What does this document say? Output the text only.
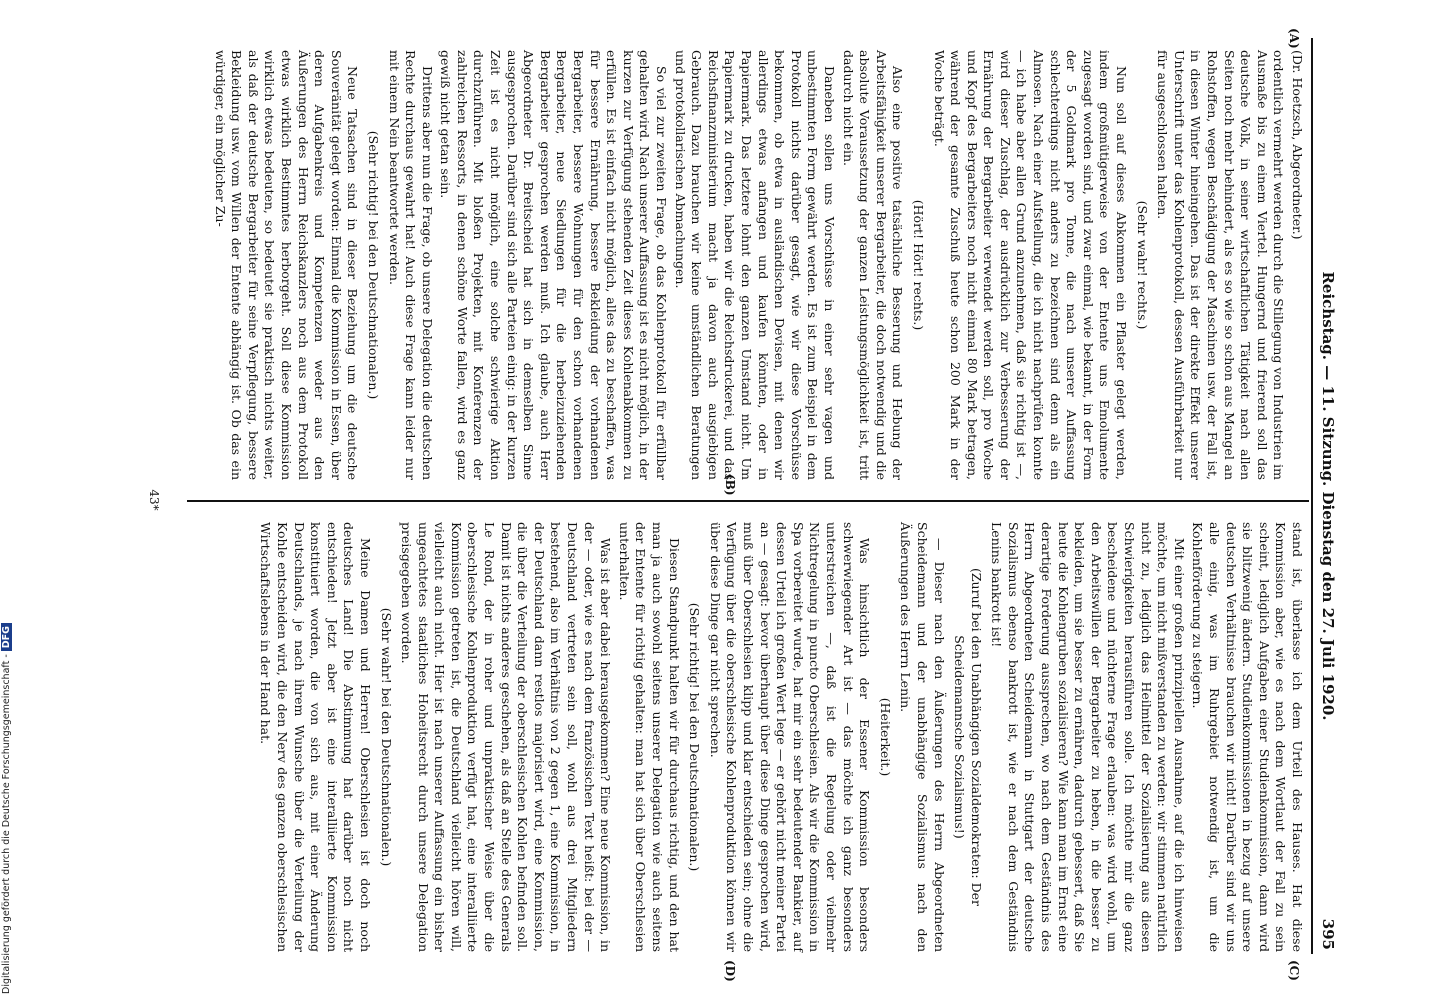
Reichstag. — 11. Sitzung. Dienstag den 27. Juli 1920.
395
(A)
(B)
(C)
(D)

(Dr. Hoetzsch, Abgeordneter.)

ordentlich vermehrt werden durch die Stillegung von Industrien im Ausmaße bis zu einem Viertel. Hungernd und frierend soll das deutsche Volk, in seiner wirtschaftlichen Tätigkeit nach allen Seiten noch mehr behindert, als es so wie so schon aus Mangel an Rohstoffen, wegen Beschädigung der Maschinen usw. der Fall ist, in diesen Winter hineingehen. Das ist der direkte Effekt unserer Unterschrift unter das Kohlenprotokoll, dessen Ausführbarkeit nur für ausgeschlossen halten.

(Sehr wahr! rechts.)

Nun soll auf dieses Abkommen ein Pflaster gelegt werden, indem großmütigerweise von der Entente uns Emolumente zugesagt worden sind, und zwar einmal, wie bekannt, in der Form der 5 Goldmark pro Tonne, die nach unserer Auffassung schlechterdings nicht anders zu bezeichnen sind denn als ein Almosen. Nach einer Aufstellung, die ich nicht nachprüfen konnte — ich habe aber allen Grund anzunehmen, daß sie richtig ist —, wird dieser Zuschlag, der ausdrücklich zur Verbesserung der Ernährung der Bergarbeiter verwendet werden soll, pro Woche und Kopf des Bergarbeiters noch nicht einmal 80 Mark betragen, während der gesamte Zuschuß heute schon 200 Mark in der Woche beträgt.

(Hört! Hört! rechts.)

Also eine positive tatsächliche Besserung und Hebung der Arbeitsfähigkeit unserer Bergarbeiter, die doch notwendig und die absolute Voraussetzung der ganzen Leistungsmöglichkeit ist, tritt dadurch nicht ein.

Daneben sollen uns Vorschüsse in einer sehr vagen und unbestimmten Form gewährt werden. Es ist zum Beispiel in dem Protokoll nichts darüber gesagt, wie wir diese Vorschüsse bekommen, ob etwa in ausländischen Devisen, mit denen wir allerdings etwas anfangen und kaufen könnten, oder in Papiermark. Das letztere lohnt den ganzen Umstand nicht. Um Papiermark zu drucken, haben wir die Reichsdruckerei, und das Reichsfinanzministerium macht ja davon auch ausgiebigen Gebrauch. Dazu brauchen wir keine umständlichen Beratungen und protokollarischen Abmachungen.

So viel zur zweiten Frage, ob das Kohlenprotokoll für erfüllbar gehalten wird. Nach unserer Auffassung ist es nicht möglich, in der kurzen zur Verfügung stehenden Zeit dieses Kohlenabkommen zu erfüllen. Es ist einfach nicht möglich, alles das zu beschaffen, was für bessere Ernährung, bessere Bekleidung der vorhandenen Bergarbeiter, bessere Wohnungen für den schon vorhandenen Bergarbeiter, neue Siedlungen für die herbeizuziehenden Bergarbeiter gesprochen werden muß. Ich glaube, auch Herr Abgeordneter Dr. Breitscheid hat sich in demselben Sinne ausgesprochen. Darüber sind sich alle Parteien einig: in der kurzen Zeit ist es nicht möglich, eine solche schwierige Aktion durchzuführen. Mit bloßen Projekten, mit Konferenzen der zahlreichen Ressorts, in denen schöne Worte fallen, wird es ganz gewiß nicht getan sein.

Drittens aber nun die Frage, ob unsere Delegation die deutschen Rechte durchaus gewahrt hat! Auch diese Frage kann leider nur mit einem Nein beantwortet werden.

(Sehr richtig! bei den Deutschnationalen.)

Neue Tatsachen sind in dieser Beziehung um die deutsche Souveränität gelegt worden: Einmal die Kommission in Essen, über deren Aufgabenkreis und Kompetenzen weder aus den Äußerungen des Herrn Reichskanzlers noch aus dem Protokoll etwas wirklich Bestimmtes herborgeht. Soll diese Kommission wirklich etwas bedeuten, so bedeutet sie praktisch nichts weiter, als daß der deutsche Bergarbeiter für seine Verpflegung, bessere Bekleidung usw. vom Willen der Entente abhängig ist. Ob das ein würdiger, ein möglicher Zu-

stand ist, überlasse ich dem Urteil des Hauses. Hat diese Kommission aber, wie es nach dem Wortlaut der Fall zu sein scheint, lediglich Aufgaben einer Studienkommission, dann wird sie blitzwenig ändern. Studienkommissionen in bezug auf unsere deutschen Verhältnisse brauchen wir nicht! Darüber sind wir uns alle einig, was im Ruhrgebiet notwendig ist, um die Kohlenförderung zu steigern.

Mit einer großen prinzipiellen Ausnahme, auf die ich hinweisen möchte, um nicht mißverstanden zu werden: wir stimmen natürlich nicht zu, lediglich das Heilmittel der Sozialisierung aus diesen Schwierigkeiten herausführen solle. Ich möchte mir die ganz bescheidene und nüchterne Frage erlauben: was wird wohl, um den Arbeitswillen der Bergarbeiter zu heben, in die besser zu bekleiden, um sie besser zu ernähren, dadurch gebessert, daß Sie heute die Kohlengruben sozialisieren? Wie kann man im Ernst eine derartige Forderung aussprechen, wo nach dem Geständnis des Herrn Abgeordneten Scheidemann in Stuttgart der deutsche Sozialismus ebenso bankrott ist, wie er nach dem Geständnis Lenins bankrott ist!

(Zuruf bei den Unabhängigen Sozialdemokraten: Der Scheidemannsche Sozialismus!)

— Dieser nach den Äußerungen des Herrn Abgeordneten Scheidemann und der unabhängige Sozialismus nach den Äußerungen des Herrn Lenin.

(Heiterkeit.)

Was hinsichtlich der Essener Kommission besonders schwerwiegender Art ist — das möchte ich ganz besonders unterstreichen —, daß ist die Regelung oder vielmehr Nichtregelung in puncto Oberschlesien. Als wir die Kommission in Spa vorbereitet wurde, hat mir ein sehr bedeutender Bankier, auf dessen Urteil ich großen Wert lege — er gehört nicht meiner Partei an — gesagt: bevor überhaupt über diese Dinge gesprochen wird, muß über Oberschlesien klipp und klar entschieden sein; ohne die Verfügung über die oberschlesische Kohlenproduktion können wir über diese Dinge gar nicht sprechen.

(Sehr richtig! bei den Deutschnationalen.)

Diesen Standpunkt halten wir für durchaus richtig, und den hat man ja auch sowohl seitens unserer Delegation wie auch seitens der Entente für richtig gehalten: man hat sich über Oberschlesien unterhalten.

Was ist aber dabei herausgekommen? Eine neue Kommission, in der — oder, wie es nach dem französischen Text heißt: bei der — Deutschland vertreten sein soll, wohl aus drei Mitgliedern bestehend, also im Verhältnis von 2 gegen 1, eine Kommission, in der Deutschland dann restlos majorisiert wird, eine Kommission, die über die Verteilung der oberschlesischen Kohlen befinden soll. Damit ist nichts anderes geschehen, als daß an Stelle des Generals Le Rond, der in roher und unpraktischer Weise über die oberschlesische Kohlenproduktion verfügt hat, eine interalliierte Kommission getreten ist, die Deutschland vielleicht hören will, vielleicht auch nicht. Hier ist nach unserer Auffassung ein bisher ungeachtetes staatliches Hoheitsrecht durch unsere Delegation preisgegeben worden.

(Sehr wahr! bei den Deutschnationalen.)

Meine Damen und Herren! Oberschlesien ist doch noch deutsches Land! Die Abstimmung hat darüber noch nicht entschieden! Jetzt aber ist eine interalliierte Kommission konstituiert worden, die von sich aus, mit einer Änderung Deutschlands, je nach ihrem Wunsche über die Verteilung der Kohle entscheiden wird, die den Nerv des ganzen oberschlesischen Wirtschaftslebens in der Hand hat.

43*
Digitalisierung gefördert durch die Deutsche Forschungsgemeinschaft -DFG
